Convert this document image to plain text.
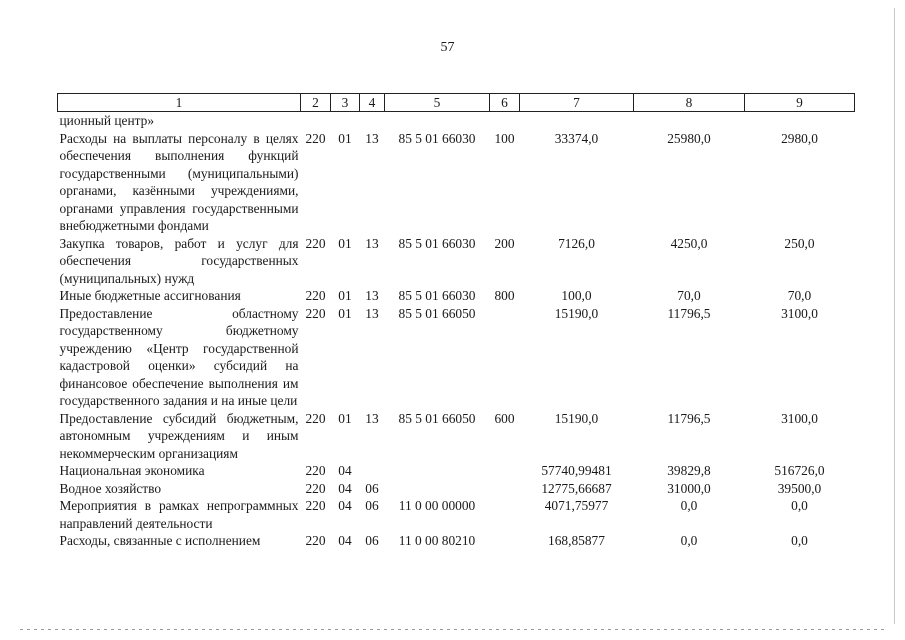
57
1	2	3	4	5	6	7	8	9
ционный центр»								
Расходы на выплаты персоналу в целях обеспечения выполнения функций государственными (муниципальными) органами, казёнными учреждениями, органами управления государственными внебюджетными фондами	220	01	13	85 5 01 66030	100	33374,0	25980,0	2980,0
Закупка товаров, работ и услуг для обеспечения государственных (муниципальных) нужд	220	01	13	85 5 01 66030	200	7126,0	4250,0	250,0
Иные бюджетные ассигнования	220	01	13	85 5 01 66030	800	100,0	70,0	70,0
Предоставление областному государственному бюджетному учреждению «Центр государственной кадастровой оценки» субсидий на финансовое обеспечение выполнения им государственного задания и на иные цели	220	01	13	85 5 01 66050		15190,0	11796,5	3100,0
Предоставление субсидий бюджетным, автономным учреждениям и иным некоммерческим организациям	220	01	13	85 5 01 66050	600	15190,0	11796,5	3100,0
Национальная экономика	220	04				57740,99481	39829,8	516726,0
Водное хозяйство	220	04	06			12775,66687	31000,0	39500,0
Мероприятия в рамках непрограммных направлений деятельности	220	04	06	11 0 00 00000		4071,75977	0,0	0,0
Расходы, связанные с исполнением	220	04	06	11 0 00 80210		168,85877	0,0	0,0
